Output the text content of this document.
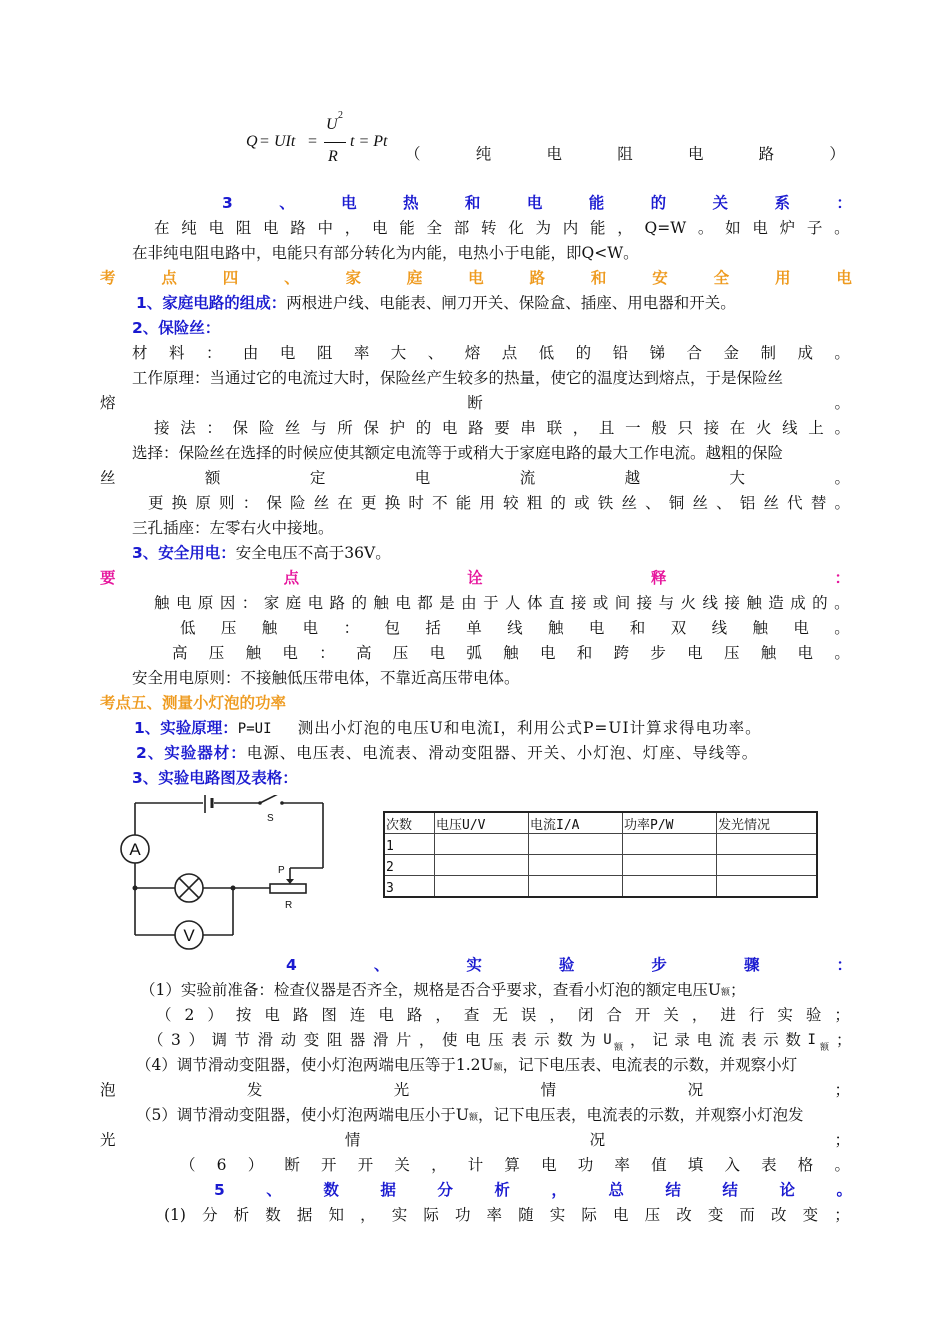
Q = UIt =
U
2
R
t = Pt
（	纯	电	阻	电	路	）
3	、	电	热	和	电	能	的	关	系	：
在 纯 电 阻 电 路 中 ， 电 能 全 部 转 化 为 内 能 ， Q=W 。 如 电 炉 子 。
在非纯电阻电路中，电能只有部分转化为内能，电热小于电能，即Q<W。
考	点	四	、	家	庭	电	路	和	安	全	用	电
1、家庭电路的组成：两根进户线、电能表、闸刀开关、保险盒、插座、用电器和开关。
2、保险丝：
材 料 ： 由 电 阻 率 大 、 熔 点 低 的 铅 锑 合 金 制 成 。
工作原理：当通过它的电流过大时，保险丝产生较多的热量，使它的温度达到熔点，于是保险丝
熔	断	。
接 法 ： 保 险 丝 与 所 保 护 的 电 路 要 串 联 ， 且 一 般 只 接 在 火 线 上 。
选择：保险丝在选择的时候应使其额定电流等于或稍大于家庭电路的最大工作电流。越粗的保险
丝	额	定	电	流	越	大	。
更 换 原 则 ： 保 险 丝 在 更 换 时 不 能 用 较 粗 的 或 铁 丝 、 铜 丝 、 铝 丝 代 替 。
三孔插座：左零右火中接地。
3、安全用电：安全电压不高于36V。
要	点	诠	释	：
触 电 原 因 ： 家 庭 电 路 的 触 电 都 是 由 于 人 体 直 接 或 间 接 与 火 线 接 触 造 成 的 。
低 压 触 电 ： 包 括 单 线 触 电 和 双 线 触 电 。
高 压 触 电 ： 高 压 电 弧 触 电 和 跨 步 电 压 触 电 。
安全用电原则：不接触低压带电体，不靠近高压带电体。
考点五、测量小灯泡的功率
1、实验原理： P=UI	测出小灯泡的电压U和电流I，利用公式P=UI计算求得电功率。
2、实验器材：电源、电压表、电流表、滑动变阻器、开关、小灯泡、灯座、导线等。
3、实验电路图及表格：
A
V
S
P
R
次数	电压U/V	电流I/A	功率P/W	发光情况
1				
2				
3				
4	、	实	验	步	骤	：
（1）实验前准备：检查仪器是否齐全，规格是否合乎要求，查看小灯泡的额定电压U额；
（ 2 ） 按 电 路 图 连 电 路 ， 查 无 误 ， 闭 合 开 关 ， 进 行 实 验 ；
（ 3 ） 调 节 滑 动 变 阻 器 滑 片 ， 使 电 压 表 示 数 为 U 额 ， 记 录 电 流 表 示 数 I 额 ；
（4）调节滑动变阻器，使小灯泡两端电压等于1.2U额，记下电压表、电流表的示数，并观察小灯
泡	发	光	情	况	；
（5）调节滑动变阻器，使小灯泡两端电压小于U额，记下电压表，电流表的示数，并观察小灯泡发
光	情	况	；
（ 6 ） 断 开 开 关 ， 计 算 电 功 率 值 填 入 表 格 。
5	、	数	据	分	析	，	总	结	结	论	。
(1) 分 析 数 据 知 ， 实 际 功 率 随 实 际 电 压 改 变 而 改 变 ；
